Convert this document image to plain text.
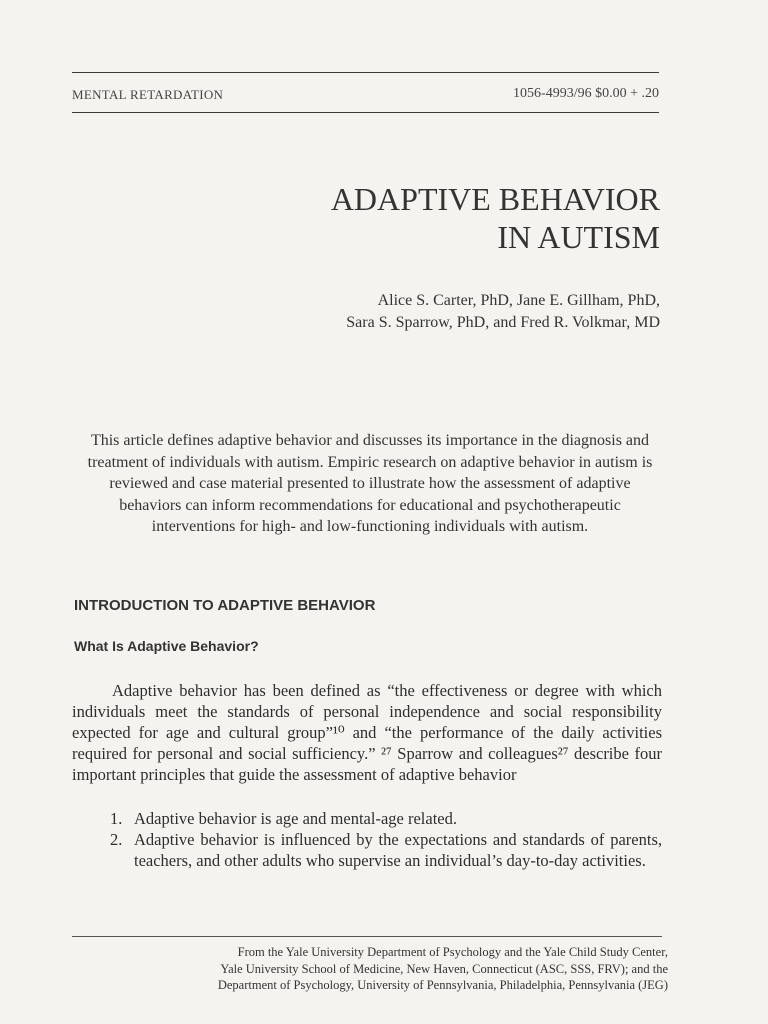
MENTAL RETARDATION	1056-4993/96 $0.00 + .20
ADAPTIVE BEHAVIOR
IN AUTISM
Alice S. Carter, PhD, Jane E. Gillham, PhD,
Sara S. Sparrow, PhD, and Fred R. Volkmar, MD

This article defines adaptive behavior and discusses its importance in the diagnosis and treatment of individuals with autism. Empiric research on adaptive behavior in autism is reviewed and case material presented to illustrate how the assessment of adaptive behaviors can inform recommendations for educational and psychotherapeutic interventions for high- and low-functioning individuals with autism.

INTRODUCTION TO ADAPTIVE BEHAVIOR
What Is Adaptive Behavior?

Adaptive behavior has been defined as “the effectiveness or degree with which individuals meet the standards of personal independence and social responsibility expected for age and cultural group”¹⁰ and “the performance of the daily activities required for personal and social sufficiency.” ²⁷ Sparrow and colleagues²⁷ describe four important principles that guide the assessment of adaptive behavior

1. Adaptive behavior is age and mental-age related.
2. Adaptive behavior is influenced by the expectations and standards of parents, teachers, and other adults who supervise an individual’s day-to-day activities.

From the Yale University Department of Psychology and the Yale Child Study Center,
Yale University School of Medicine, New Haven, Connecticut (ASC, SSS, FRV); and the
Department of Psychology, University of Pennsylvania, Philadelphia, Pennsylvania (JEG)
